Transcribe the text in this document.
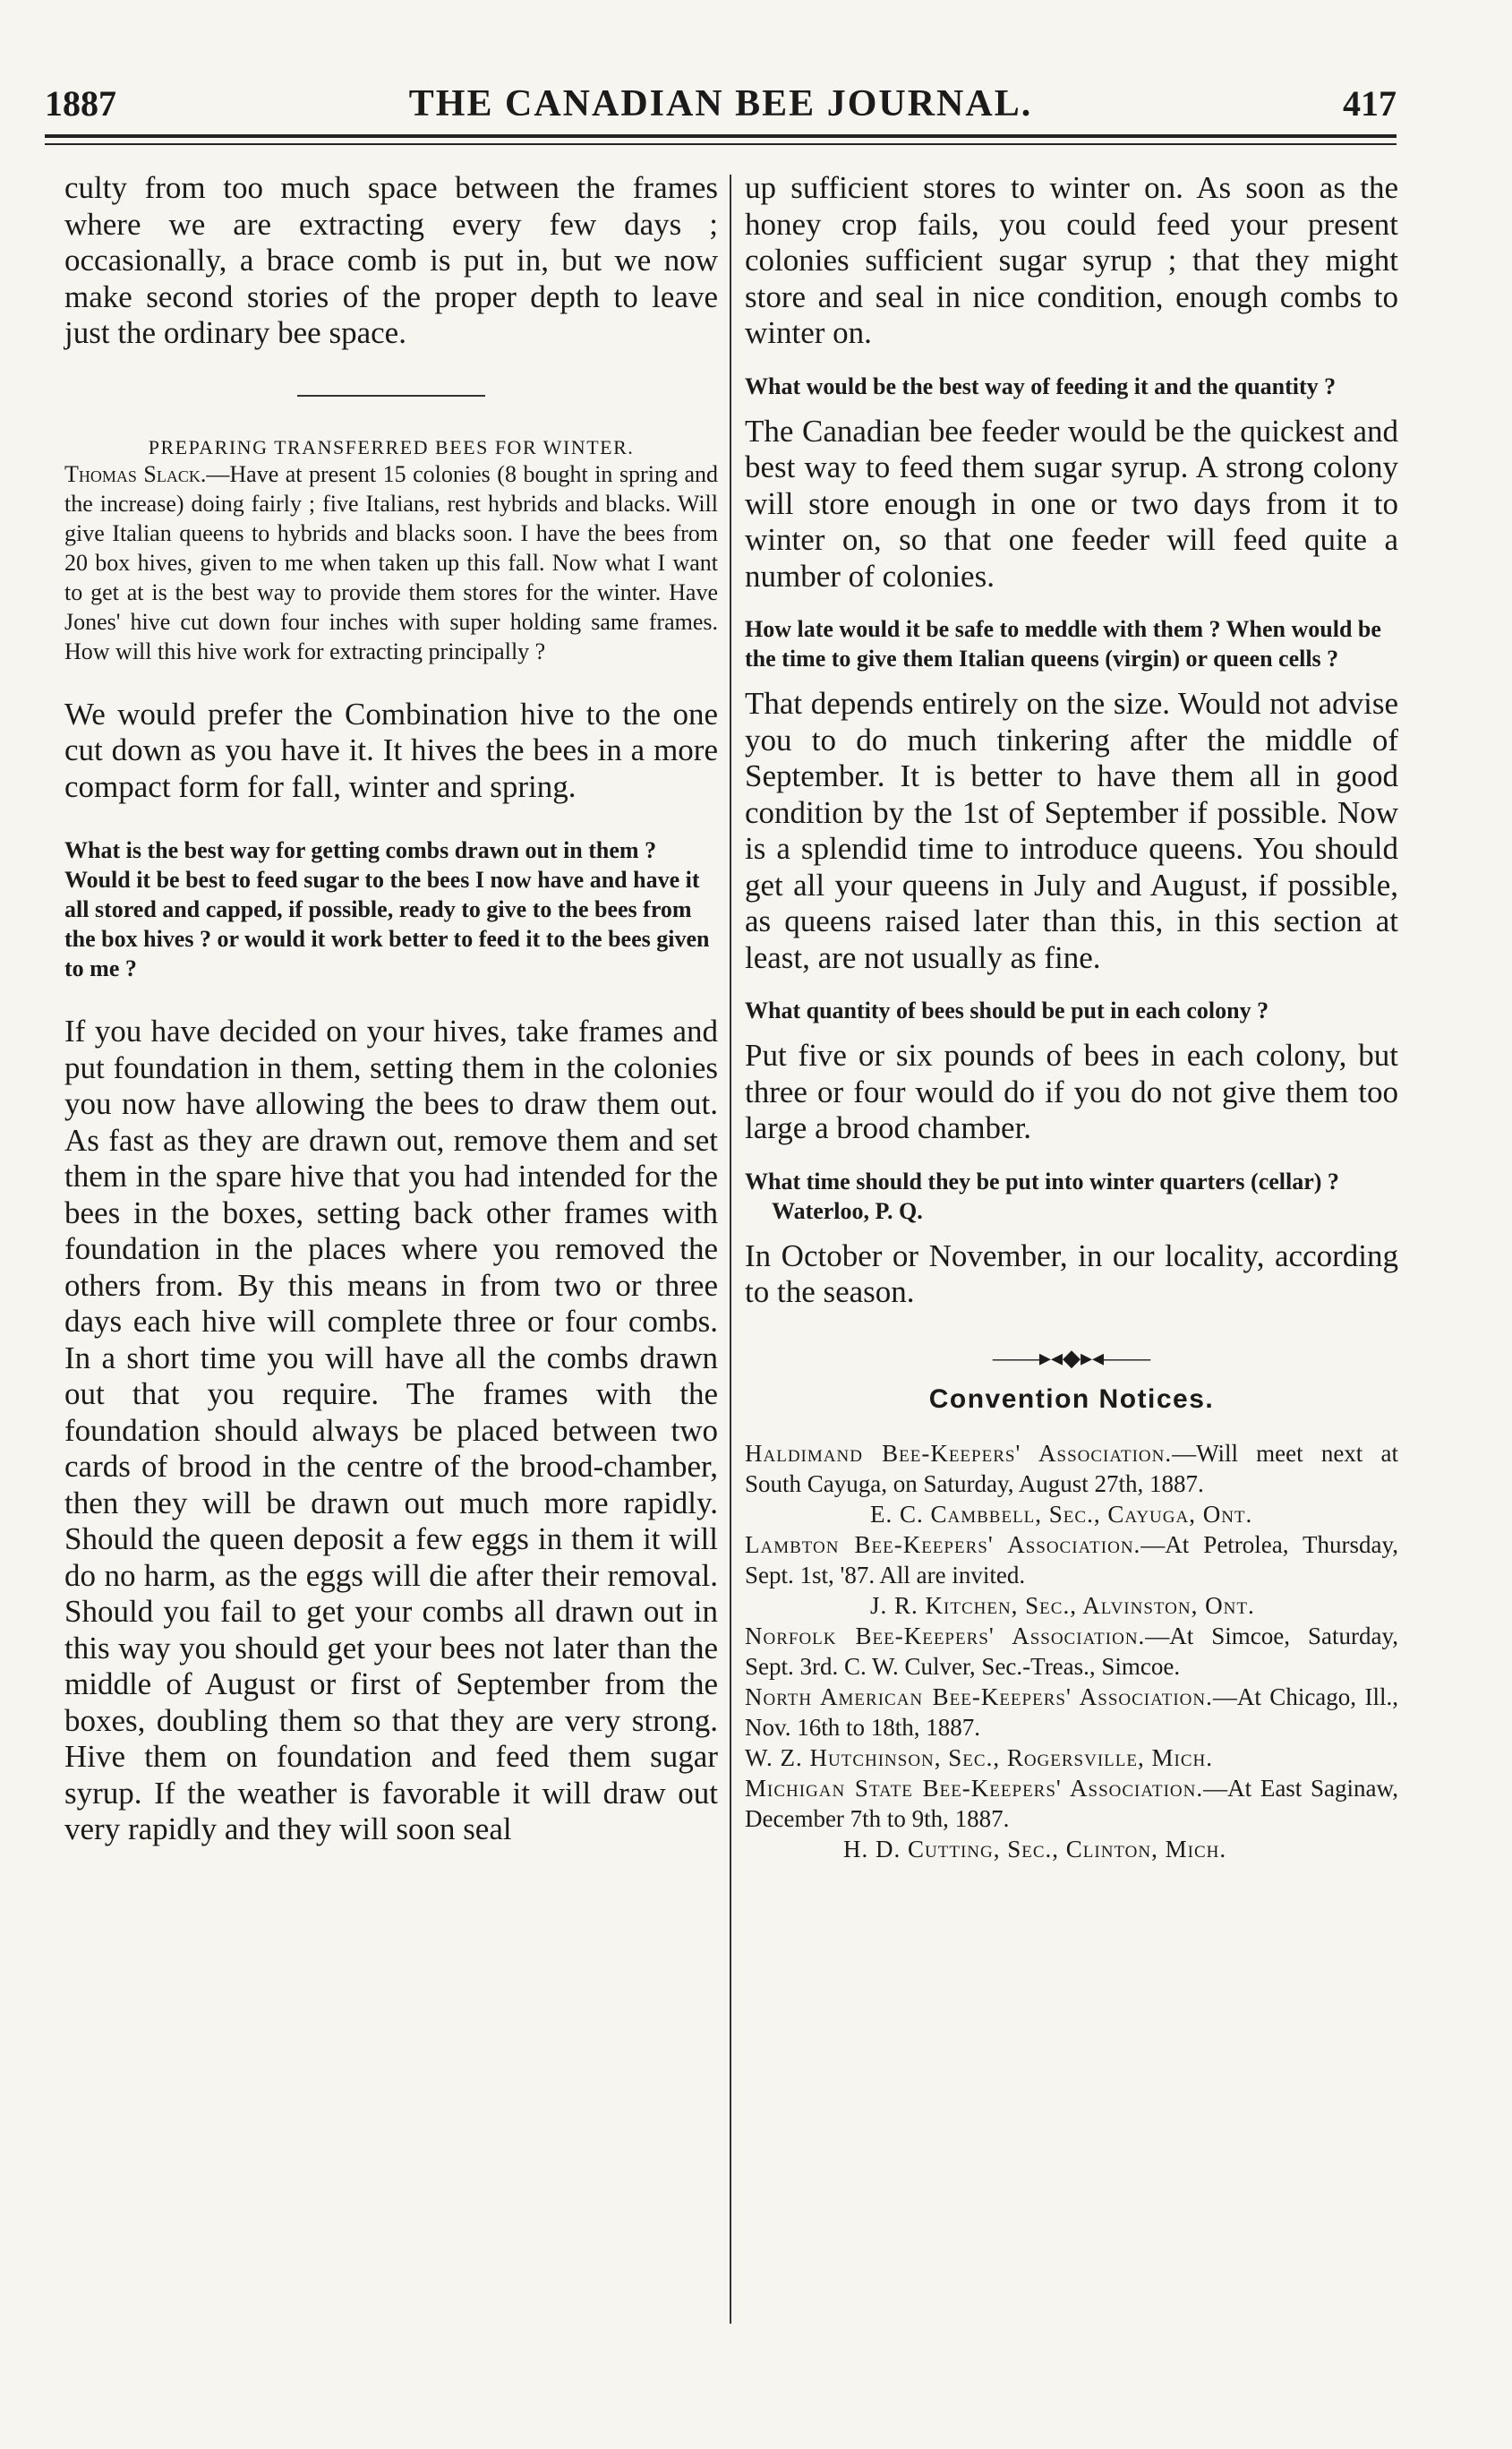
1887	THE CANADIAN BEE JOURNAL.	417

culty from too much space between the frames where we are extracting every few days ; occasionally, a brace comb is put in, but we now make second stories of the proper depth to leave just the ordinary bee space.

PREPARING TRANSFERRED BEES FOR WINTER.

Thomas Slack.—Have at present 15 colonies (8 bought in spring and the increase) doing fairly ; five Italians, rest hybrids and blacks. Will give Italian queens to hybrids and blacks soon. I have the bees from 20 box hives, given to me when taken up this fall. Now what I want to get at is the best way to provide them stores for the winter. Have Jones' hive cut down four inches with super holding same frames. How will this hive work for extracting principally ?

We would prefer the Combination hive to the one cut down as you have it. It hives the bees in a more compact form for fall, winter and spring.

What is the best way for getting combs drawn out in them ? Would it be best to feed sugar to the bees I now have and have it all stored and capped, if possible, ready to give to the bees from the box hives ? or would it work better to feed it to the bees given to me ?

If you have decided on your hives, take frames and put foundation in them, setting them in the colonies you now have allowing the bees to draw them out. As fast as they are drawn out, remove them and set them in the spare hive that you had intended for the bees in the boxes, setting back other frames with foundation in the places where you removed the others from. By this means in from two or three days each hive will complete three or four combs. In a short time you will have all the combs drawn out that you require. The frames with the foundation should always be placed between two cards of brood in the centre of the brood-chamber, then they will be drawn out much more rapidly. Should the queen deposit a few eggs in them it will do no harm, as the eggs will die after their removal. Should you fail to get your combs all drawn out in this way you should get your bees not later than the middle of August or first of September from the boxes, doubling them so that they are very strong. Hive them on foundation and feed them sugar syrup. If the weather is favorable it will draw out very rapidly and they will soon seal

up sufficient stores to winter on. As soon as the honey crop fails, you could feed your present colonies sufficient sugar syrup ; that they might store and seal in nice condition, enough combs to winter on.

What would be the best way of feeding it and the quantity ?

The Canadian bee feeder would be the quickest and best way to feed them sugar syrup. A strong colony will store enough in one or two days from it to winter on, so that one feeder will feed quite a number of colonies.

How late would it be safe to meddle with them ? When would be the time to give them Italian queens (virgin) or queen cells ?

That depends entirely on the size. Would not advise you to do much tinkering after the middle of September. It is better to have them all in good condition by the 1st of September if possible. Now is a splendid time to introduce queens. You should get all your queens in July and August, if possible, as queens raised later than this, in this section at least, are not usually as fine.

What quantity of bees should be put in each colony ?

Put five or six pounds of bees in each colony, but three or four would do if you do not give them too large a brood chamber.

What time should they be put into winter quarters (cellar) ?

Waterloo, P. Q.

In October or November, in our locality, according to the season.

——▸◂◆▸◂——
Convention Notices.

Haldimand Bee-Keepers' Association.—Will meet next at South Cayuga, on Saturday, August 27th, 1887.
E. C. Cambbell, Sec., Cayuga, Ont.

Lambton Bee-Keepers' Association.—At Petrolea, Thursday, Sept. 1st, '87. All are invited.
J. R. Kitchen, Sec., Alvinston, Ont.

Norfolk Bee-Keepers' Association.—At Simcoe, Saturday, Sept. 3rd. C. W. Culver, Sec.-Treas., Simcoe.

North American Bee-Keepers' Association.—At Chicago, Ill., Nov. 16th to 18th, 1887.
W. Z. Hutchinson, Sec., Rogersville, Mich.

Michigan State Bee-Keepers' Association.—At East Saginaw, December 7th to 9th, 1887.
H. D. Cutting, Sec., Clinton, Mich.
